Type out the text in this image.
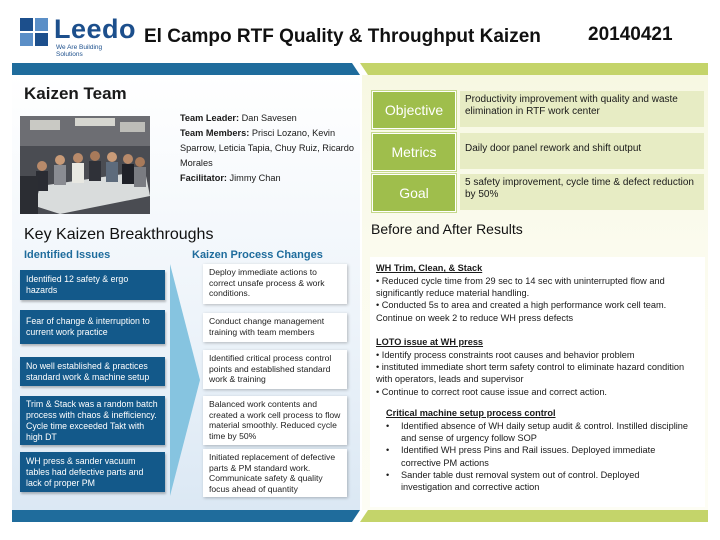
Leedo
We Are Building Solutions
El Campo RTF Quality & Throughput Kaizen 20140421
Kaizen Team
Team Leader: Dan Savesen
Team Members: Prisci Lozano, Kevin Sparrow, Leticia Tapia, Chuy Ruiz, Ricardo Morales
Facilitator: Jimmy Chan
Key Kaizen Breakthroughs
Identified Issues	Kaizen Process Changes
Identified 12 safety & ergo hazards
Fear of change & interruption to current work practice
No well established & practices standard work & machine setup
Trim & Stack was a random batch process with chaos & inefficiency. Cycle time exceeded Takt with high DT
WH press & sander vacuum tables had defective parts and lack of proper PM
Deploy immediate actions to correct unsafe process & work conditions.
Conduct change management training with team members
Identified critical process control points and established standard work & training
Balanced work contents and created a work cell process to flow material smoothly. Reduced cycle time by 50%
Initiated replacement of defective parts & PM standard work. Communicate safety & quality focus ahead of quantity
Objective
Productivity improvement with quality and waste elimination in RTF work center
Metrics	Daily door panel rework and shift output
Goal
5 safety improvement, cycle time & defect reduction by 50%
Before and After Results
WH Trim, Clean, & Stack
• Reduced cycle time from 29 sec to 14 sec with uninterrupted flow and significantly reduce material handling.
• Conducted 5s to area and created a high performance work cell team. Continue on week 2 to reduce WH press defects
LOTO issue at WH press
• Identify process constraints root causes and behavior problem
• instituted immediate short term safety control to eliminate hazard condition with operators, leads and supervisor
• Continue to correct root cause issue and correct action.
Critical machine setup process control
• Identified absence of WH daily setup audit & control. Instilled discipline and sense of urgency follow SOP
• Identified WH press Pins and Rail issues. Deployed immediate corrective PM actions
• Sander table dust removal system out of control. Deployed investigation and corrective action
